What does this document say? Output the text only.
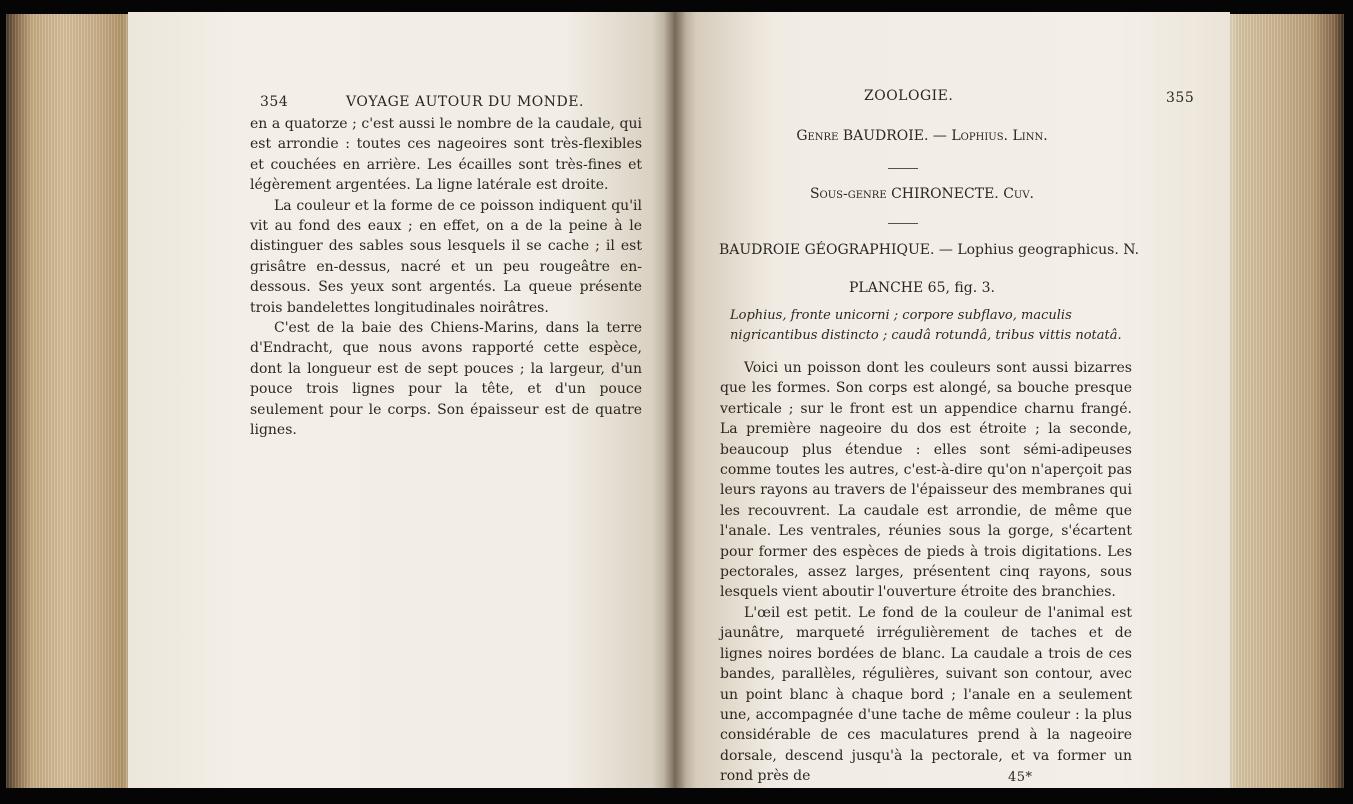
354	VOYAGE AUTOUR DU MONDE.

en a quatorze ; c'est aussi le nombre de la caudale, qui est arrondie : toutes ces nageoires sont très-flexibles et couchées en arrière. Les écailles sont très-fines et légèrement argentées. La ligne latérale est droite.

La couleur et la forme de ce poisson indiquent qu'il vit au fond des eaux ; en effet, on a de la peine à le distinguer des sables sous lesquels il se cache ; il est grisâtre en-dessus, nacré et un peu rougeâtre en-dessous. Ses yeux sont argentés. La queue présente trois bandelettes longitudinales noirâtres.

C'est de la baie des Chiens-Marins, dans la terre d'Endracht, que nous avons rapporté cette espèce, dont la longueur est de sept pouces ; la largeur, d'un pouce trois lignes pour la tête, et d'un pouce seulement pour le corps. Son épaisseur est de quatre lignes.

ZOOLOGIE.	355
Genre BAUDROIE. — Lophius. Linn.
Sous-genre CHIRONECTE. Cuv.
BAUDROIE GÉOGRAPHIQUE. — Lophius geographicus. N.
PLANCHE 65, fig. 3.
Lophius, fronte unicorni ; corpore subflavo, maculis nigricantibus distincto ; caudâ rotundâ, tribus vittis notatâ.

Voici un poisson dont les couleurs sont aussi bizarres que les formes. Son corps est alongé, sa bouche presque verticale ; sur le front est un appendice charnu frangé. La première nageoire du dos est étroite ; la seconde, beaucoup plus étendue : elles sont sémi-adipeuses comme toutes les autres, c'est-à-dire qu'on n'aperçoit pas leurs rayons au travers de l'épaisseur des membranes qui les recouvrent. La caudale est arrondie, de même que l'anale. Les ventrales, réunies sous la gorge, s'écartent pour former des espèces de pieds à trois digitations. Les pectorales, assez larges, présentent cinq rayons, sous lesquels vient aboutir l'ouverture étroite des branchies.

L'œil est petit. Le fond de la couleur de l'animal est jaunâtre, marqueté irrégulièrement de taches et de lignes noires bordées de blanc. La caudale a trois de ces bandes, parallèles, régulières, suivant son contour, avec un point blanc à chaque bord ; l'anale en a seulement une, accompagnée d'une tache de même couleur : la plus considérable de ces maculatures prend à la nageoire dorsale, descend jusqu'à la pectorale, et va former un rond près de	45*
